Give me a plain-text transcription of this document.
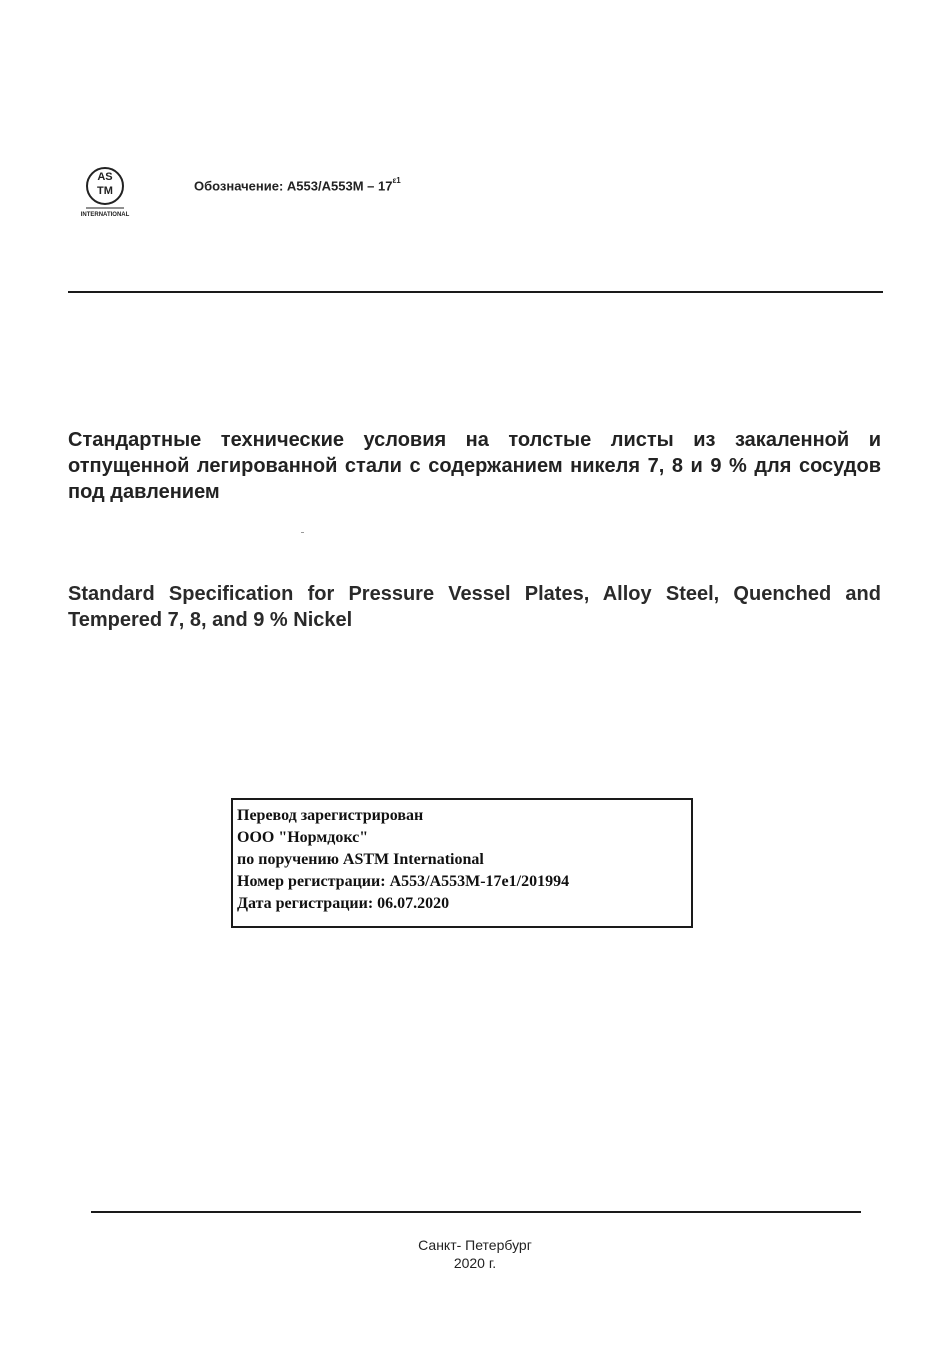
AS
TM
INTERNATIONAL
Обозначение: $A553/A553M - 17^{\varepsilon 1}$
Стандартные технические условия на толстые листы из закаленной и отпущенной легированной стали с содержанием никеля 7, 8 и 9 % для сосудов под давлением
Standard Specification for Pressure Vessel Plates, Alloy Steel, Quenched and Tempered 7, 8, and 9 % Nickel
Перевод зарегистрирован
ООО "Нормдокс"
по поручению ASTM International
Номер регистрации: A553/A553M-17e1/201994
Дата регистрации: 06.07.2020
Санкт- Петербург
2020 г.
